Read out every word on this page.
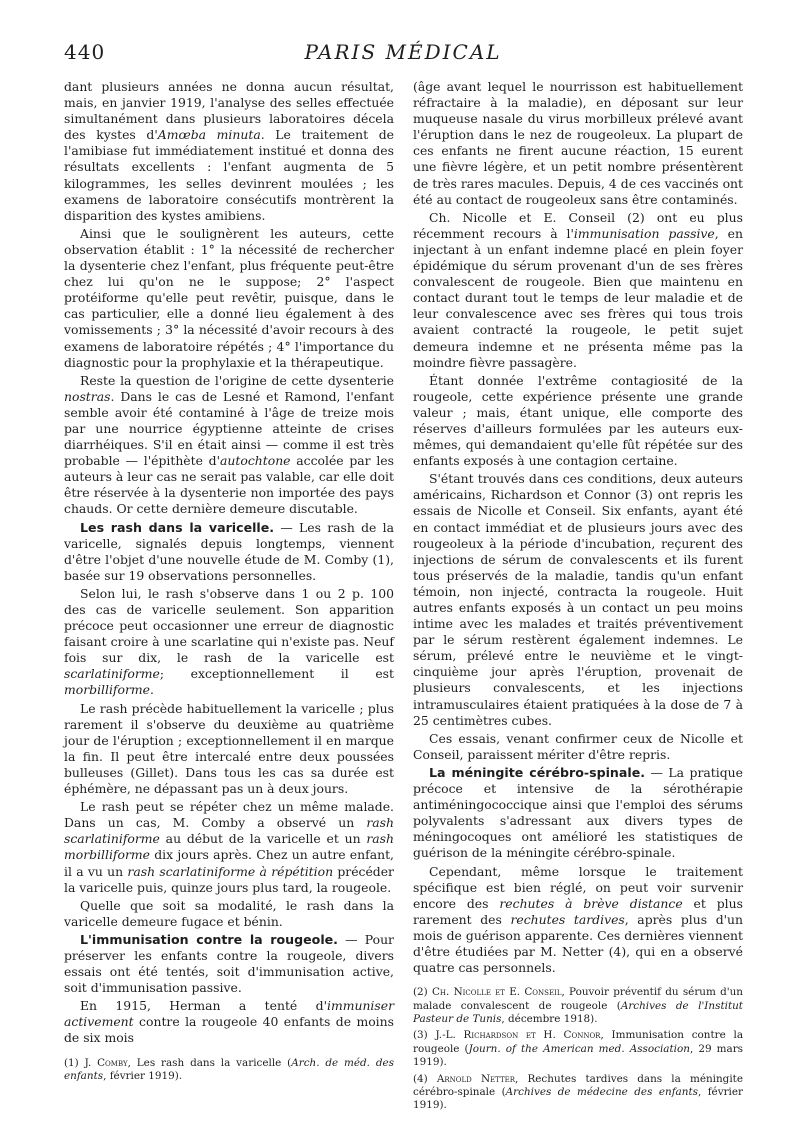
440	PARIS MÉDICAL

dant plusieurs années ne donna aucun résultat, mais, en janvier 1919, l'analyse des selles effectuée simultanément dans plusieurs laboratoires décela des kystes d'Amœba minuta. Le traitement de l'amibiase fut immédiatement institué et donna des résultats excellents : l'enfant augmenta de 5 kilogrammes, les selles devinrent moulées ; les examens de laboratoire consécutifs montrèrent la disparition des kystes amibiens.

Ainsi que le soulignèrent les auteurs, cette observation établit : 1° la nécessité de rechercher la dysenterie chez l'enfant, plus fréquente peut-être chez lui qu'on ne le suppose; 2° l'aspect protéiforme qu'elle peut revêtir, puisque, dans le cas particulier, elle a donné lieu également à des vomissements ; 3° la nécessité d'avoir recours à des examens de laboratoire répétés ; 4° l'importance du diagnostic pour la prophylaxie et la thérapeutique.

Reste la question de l'origine de cette dysenterie nostras. Dans le cas de Lesné et Ramond, l'enfant semble avoir été contaminé à l'âge de treize mois par une nourrice égyptienne atteinte de crises diarrhéiques. S'il en était ainsi — comme il est très probable — l'épithète d'autochtone accolée par les auteurs à leur cas ne serait pas valable, car elle doit être réservée à la dysenterie non importée des pays chauds. Or cette dernière demeure discutable.

Les rash dans la varicelle. — Les rash de la varicelle, signalés depuis longtemps, viennent d'être l'objet d'une nouvelle étude de M. Comby (1), basée sur 19 observations personnelles.

Selon lui, le rash s'observe dans 1 ou 2 p. 100 des cas de varicelle seulement. Son apparition précoce peut occasionner une erreur de diagnostic faisant croire à une scarlatine qui n'existe pas. Neuf fois sur dix, le rash de la varicelle est scarlatiniforme; exceptionnellement il est morbilliforme.

Le rash précède habituellement la varicelle ; plus rarement il s'observe du deuxième au quatrième jour de l'éruption ; exceptionnellement il en marque la fin. Il peut être intercalé entre deux poussées bulleuses (Gillet). Dans tous les cas sa durée est éphémère, ne dépassant pas un à deux jours.

Le rash peut se répéter chez un même malade. Dans un cas, M. Comby a observé un rash scarlatiniforme au début de la varicelle et un rash morbilliforme dix jours après. Chez un autre enfant, il a vu un rash scarlatiniforme à répétition précéder la varicelle puis, quinze jours plus tard, la rougeole.

Quelle que soit sa modalité, le rash dans la varicelle demeure fugace et bénin.

L'immunisation contre la rougeole. — Pour préserver les enfants contre la rougeole, divers essais ont été tentés, soit d'immunisation active, soit d'immunisation passive.

En 1915, Herman a tenté d'immuniser activement contre la rougeole 40 enfants de moins de six mois

(1) J. Comby, Les rash dans la varicelle (Arch. de méd. des enfants, février 1919).

(âge avant lequel le nourrisson est habituellement réfractaire à la maladie), en déposant sur leur muqueuse nasale du virus morbilleux prélevé avant l'éruption dans le nez de rougeoleux. La plupart de ces enfants ne firent aucune réaction, 15 eurent une fièvre légère, et un petit nombre présentèrent de très rares macules. Depuis, 4 de ces vaccinés ont été au contact de rougeoleux sans être contaminés.

Ch. Nicolle et E. Conseil (2) ont eu plus récemment recours à l'immunisation passive, en injectant à un enfant indemne placé en plein foyer épidémique du sérum provenant d'un de ses frères convalescent de rougeole. Bien que maintenu en contact durant tout le temps de leur maladie et de leur convalescence avec ses frères qui tous trois avaient contracté la rougeole, le petit sujet demeura indemne et ne présenta même pas la moindre fièvre passagère.

Étant donnée l'extrême contagiosité de la rougeole, cette expérience présente une grande valeur ; mais, étant unique, elle comporte des réserves d'ailleurs formulées par les auteurs eux-mêmes, qui demandaient qu'elle fût répétée sur des enfants exposés à une contagion certaine.

S'étant trouvés dans ces conditions, deux auteurs américains, Richardson et Connor (3) ont repris les essais de Nicolle et Conseil. Six enfants, ayant été en contact immédiat et de plusieurs jours avec des rougeoleux à la période d'incubation, reçurent des injections de sérum de convalescents et ils furent tous préservés de la maladie, tandis qu'un enfant témoin, non injecté, contracta la rougeole. Huit autres enfants exposés à un contact un peu moins intime avec les malades et traités préventivement par le sérum restèrent également indemnes. Le sérum, prélevé entre le neuvième et le vingt-cinquième jour après l'éruption, provenait de plusieurs convalescents, et les injections intramusculaires étaient pratiquées à la dose de 7 à 25 centimètres cubes.

Ces essais, venant confirmer ceux de Nicolle et Conseil, paraissent mériter d'être repris.

La méningite cérébro-spinale. — La pratique précoce et intensive de la sérothérapie antiméningococcique ainsi que l'emploi des sérums polyvalents s'adressant aux divers types de méningocoques ont amélioré les statistiques de guérison de la méningite cérébro-spinale.

Cependant, même lorsque le traitement spécifique est bien réglé, on peut voir survenir encore des rechutes à brève distance et plus rarement des rechutes tardives, après plus d'un mois de guérison apparente. Ces dernières viennent d'être étudiées par M. Netter (4), qui en a observé quatre cas personnels.

(2) Ch. Nicolle et E. Conseil, Pouvoir préventif du sérum d'un malade convalescent de rougeole (Archives de l'Institut Pasteur de Tunis, décembre 1918).

(3) J.-L. Richardson et H. Connor, Immunisation contre la rougeole (Journ. of the American med. Association, 29 mars 1919).

(4) Arnold Netter, Rechutes tardives dans la méningite cérébro-spinale (Archives de médecine des enfants, février 1919).
